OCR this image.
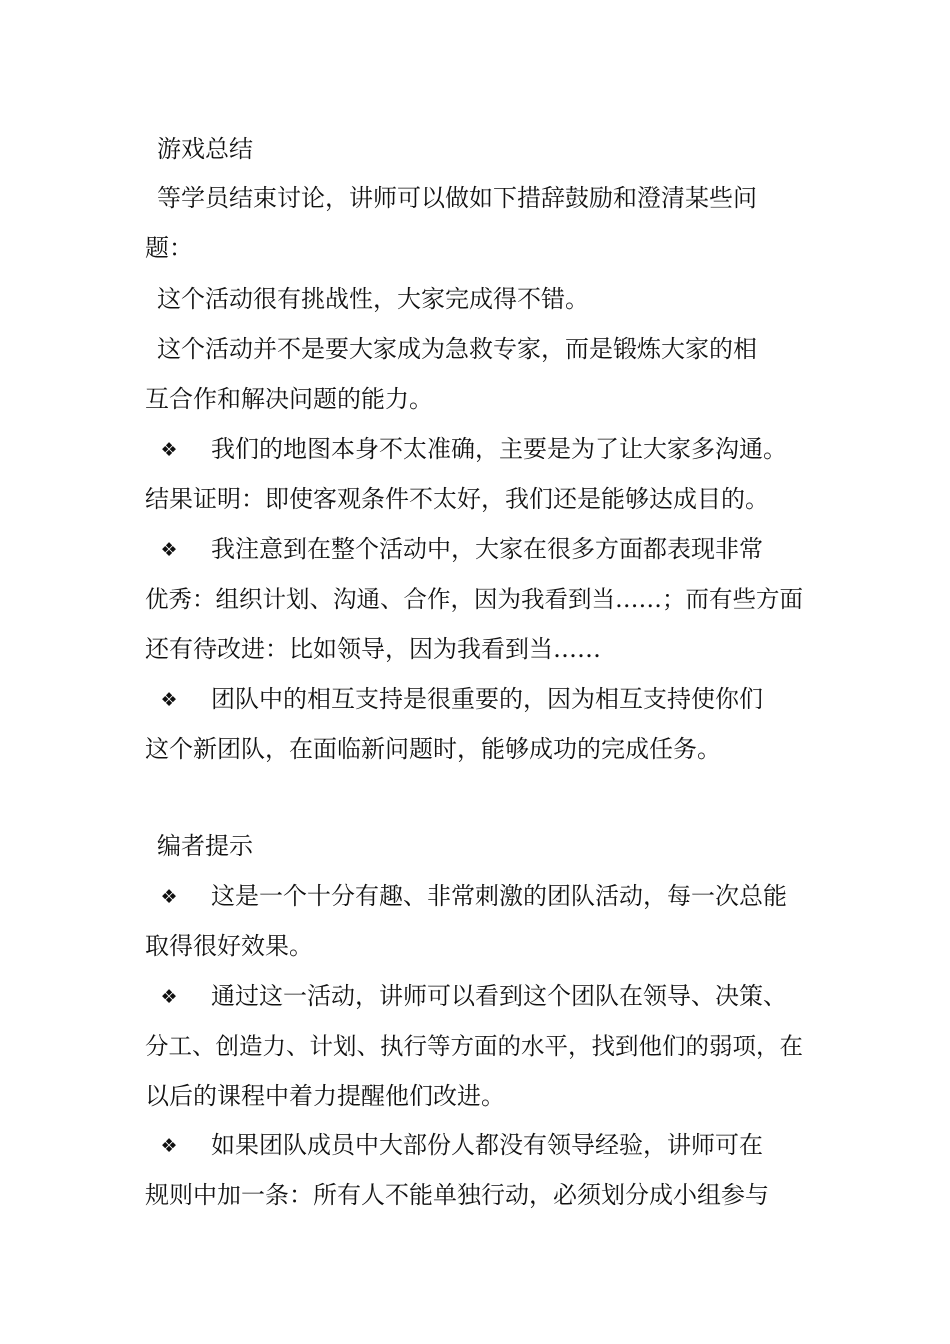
游戏总结
等学员结束讨论，讲师可以做如下措辞鼓励和澄清某些问
题：
这个活动很有挑战性，大家完成得不错。
这个活动并不是要大家成为急救专家，而是锻炼大家的相
互合作和解决问题的能力。
❖ 我们的地图本身不太准确，主要是为了让大家多沟通。
结果证明：即使客观条件不太好，我们还是能够达成目的。
❖ 我注意到在整个活动中，大家在很多方面都表现非常
优秀：组织计划、沟通、合作，因为我看到当……；而有些方面
还有待改进：比如领导，因为我看到当……
❖ 团队中的相互支持是很重要的，因为相互支持使你们
这个新团队，在面临新问题时，能够成功的完成任务。
编者提示
❖ 这是一个十分有趣、非常刺激的团队活动，每一次总能
取得很好效果。
❖ 通过这一活动，讲师可以看到这个团队在领导、决策、
分工、创造力、计划、执行等方面的水平，找到他们的弱项，在
以后的课程中着力提醒他们改进。
❖ 如果团队成员中大部份人都没有领导经验，讲师可在
规则中加一条：所有人不能单独行动，必须划分成小组参与
